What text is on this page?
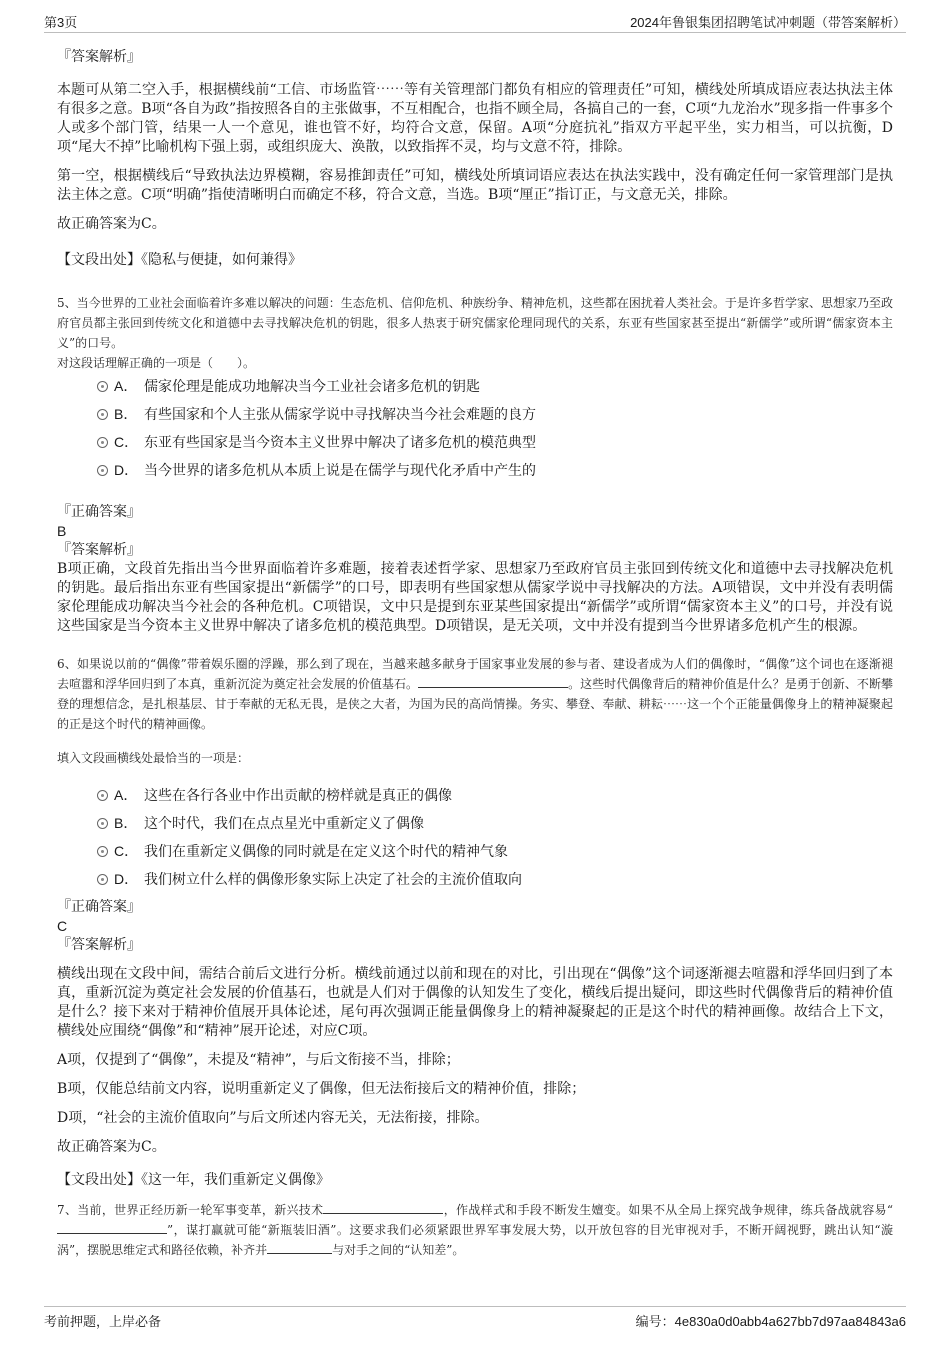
第3页	2024年鲁银集团招聘笔试冲刺题（带答案解析）
『答案解析』

本题可从第二空入手，根据横线前“工信、市场监管⋯⋯等有关管理部门都负有相应的管理责任”可知，横线处所填成语应表达执法主体有很多之意。B项“各自为政”指按照各自的主张做事，不互相配合，也指不顾全局，各搞自己的一套，C项“九龙治水”现多指一件事多个人或多个部门管，结果一人一个意见，谁也管不好，均符合文意，保留。A项“分庭抗礼”指双方平起平坐，实力相当，可以抗衡，D项“尾大不掉”比喻机构下强上弱，或组织庞大、涣散，以致指挥不灵，均与文意不符，排除。

第一空，根据横线后“导致执法边界模糊，容易推卸责任”可知，横线处所填词语应表达在执法实践中，没有确定任何一家管理部门是执法主体之意。C项“明确”指使清晰明白而确定不移，符合文意，当选。B项“厘正”指订正，与文意无关，排除。

故正确答案为C。

【文段出处】《隐私与便捷，如何兼得》

5、当今世界的工业社会面临着许多难以解决的问题：生态危机、信仰危机、种族纷争、精神危机，这些都在困扰着人类社会。于是许多哲学家、思想家乃至政府官员都主张回到传统文化和道德中去寻找解决危机的钥匙，很多人热衷于研究儒家伦理同现代的关系，东亚有些国家甚至提出“新儒学”或所谓“儒家资本主义”的口号。

对这段话理解正确的一项是（　　）。

A． 儒家伦理是能成功地解决当今工业社会诸多危机的钥匙
B． 有些国家和个人主张从儒家学说中寻找解决当今社会难题的良方
C． 东亚有些国家是当今资本主义世界中解决了诸多危机的模范典型
D． 当今世界的诸多危机从本质上说是在儒学与现代化矛盾中产生的
『正确答案』
B
『答案解析』

B项正确，文段首先指出当今世界面临着许多难题，接着表述哲学家、思想家乃至政府官员主张回到传统文化和道德中去寻找解决危机的钥匙。最后指出东亚有些国家提出“新儒学”的口号，即表明有些国家想从儒家学说中寻找解决的方法。A项错误，文中并没有表明儒家伦理能成功解决当今社会的各种危机。C项错误，文中只是提到东亚某些国家提出“新儒学”或所谓“儒家资本主义”的口号，并没有说这些国家是当今资本主义世界中解决了诸多危机的模范典型。D项错误，是无关项，文中并没有提到当今世界诸多危机产生的根源。

6、如果说以前的“偶像”带着娱乐圈的浮躁，那么到了现在，当越来越多献身于国家事业发展的参与者、建设者成为人们的偶像时，“偶像”这个词也在逐渐褪去喧嚣和浮华回归到了本真，重新沉淀为奠定社会发展的价值基石。	。这些时代偶像背后的精神价值是什么？是勇于创新、不断攀登的理想信念，是扎根基层、甘于奉献的无私无畏，是侠之大者，为国为民的高尚情操。务实、攀登、奉献、耕耘⋯⋯这一个个正能量偶像身上的精神凝聚起的正是这个时代的精神画像。

填入文段画横线处最恰当的一项是：

A． 这些在各行各业中作出贡献的榜样就是真正的偶像
B． 这个时代，我们在点点星光中重新定义了偶像
C． 我们在重新定义偶像的同时就是在定义这个时代的精神气象
D． 我们树立什么样的偶像形象实际上决定了社会的主流价值取向
『正确答案』
C
『答案解析』

横线出现在文段中间，需结合前后文进行分析。横线前通过以前和现在的对比，引出现在“偶像”这个词逐渐褪去喧嚣和浮华回归到了本真，重新沉淀为奠定社会发展的价值基石，也就是人们对于偶像的认知发生了变化，横线后提出疑问，即这些时代偶像背后的精神价值是什么？接下来对于精神价值展开具体论述，尾句再次强调正能量偶像身上的精神凝聚起的正是这个时代的精神画像。故结合上下文，横线处应围绕“偶像”和“精神”展开论述，对应C项。

A项，仅提到了“偶像”，未提及“精神”，与后文衔接不当，排除；

B项，仅能总结前文内容，说明重新定义了偶像，但无法衔接后文的精神价值，排除；

D项，“社会的主流价值取向”与后文所述内容无关，无法衔接，排除。

故正确答案为C。

【文段出处】《这一年，我们重新定义偶像》

7、当前，世界正经历新一轮军事变革，新兴技术	，作战样式和手段不断发生嬗变。如果不从全局上探究战争规律，练兵备战就容易“”，谋打赢就可能“新瓶装旧酒”。这要求我们必须紧跟世界军事发展大势，以开放包容的目光审视对手，不断开阔视野，跳出认知“漩涡”，摆脱思维定式和路径依赖，补齐并	与对手之间的“认知差”。

考前押题，上岸必备	编号：4e830a0d0abb4a627bb7d97aa84843a6
